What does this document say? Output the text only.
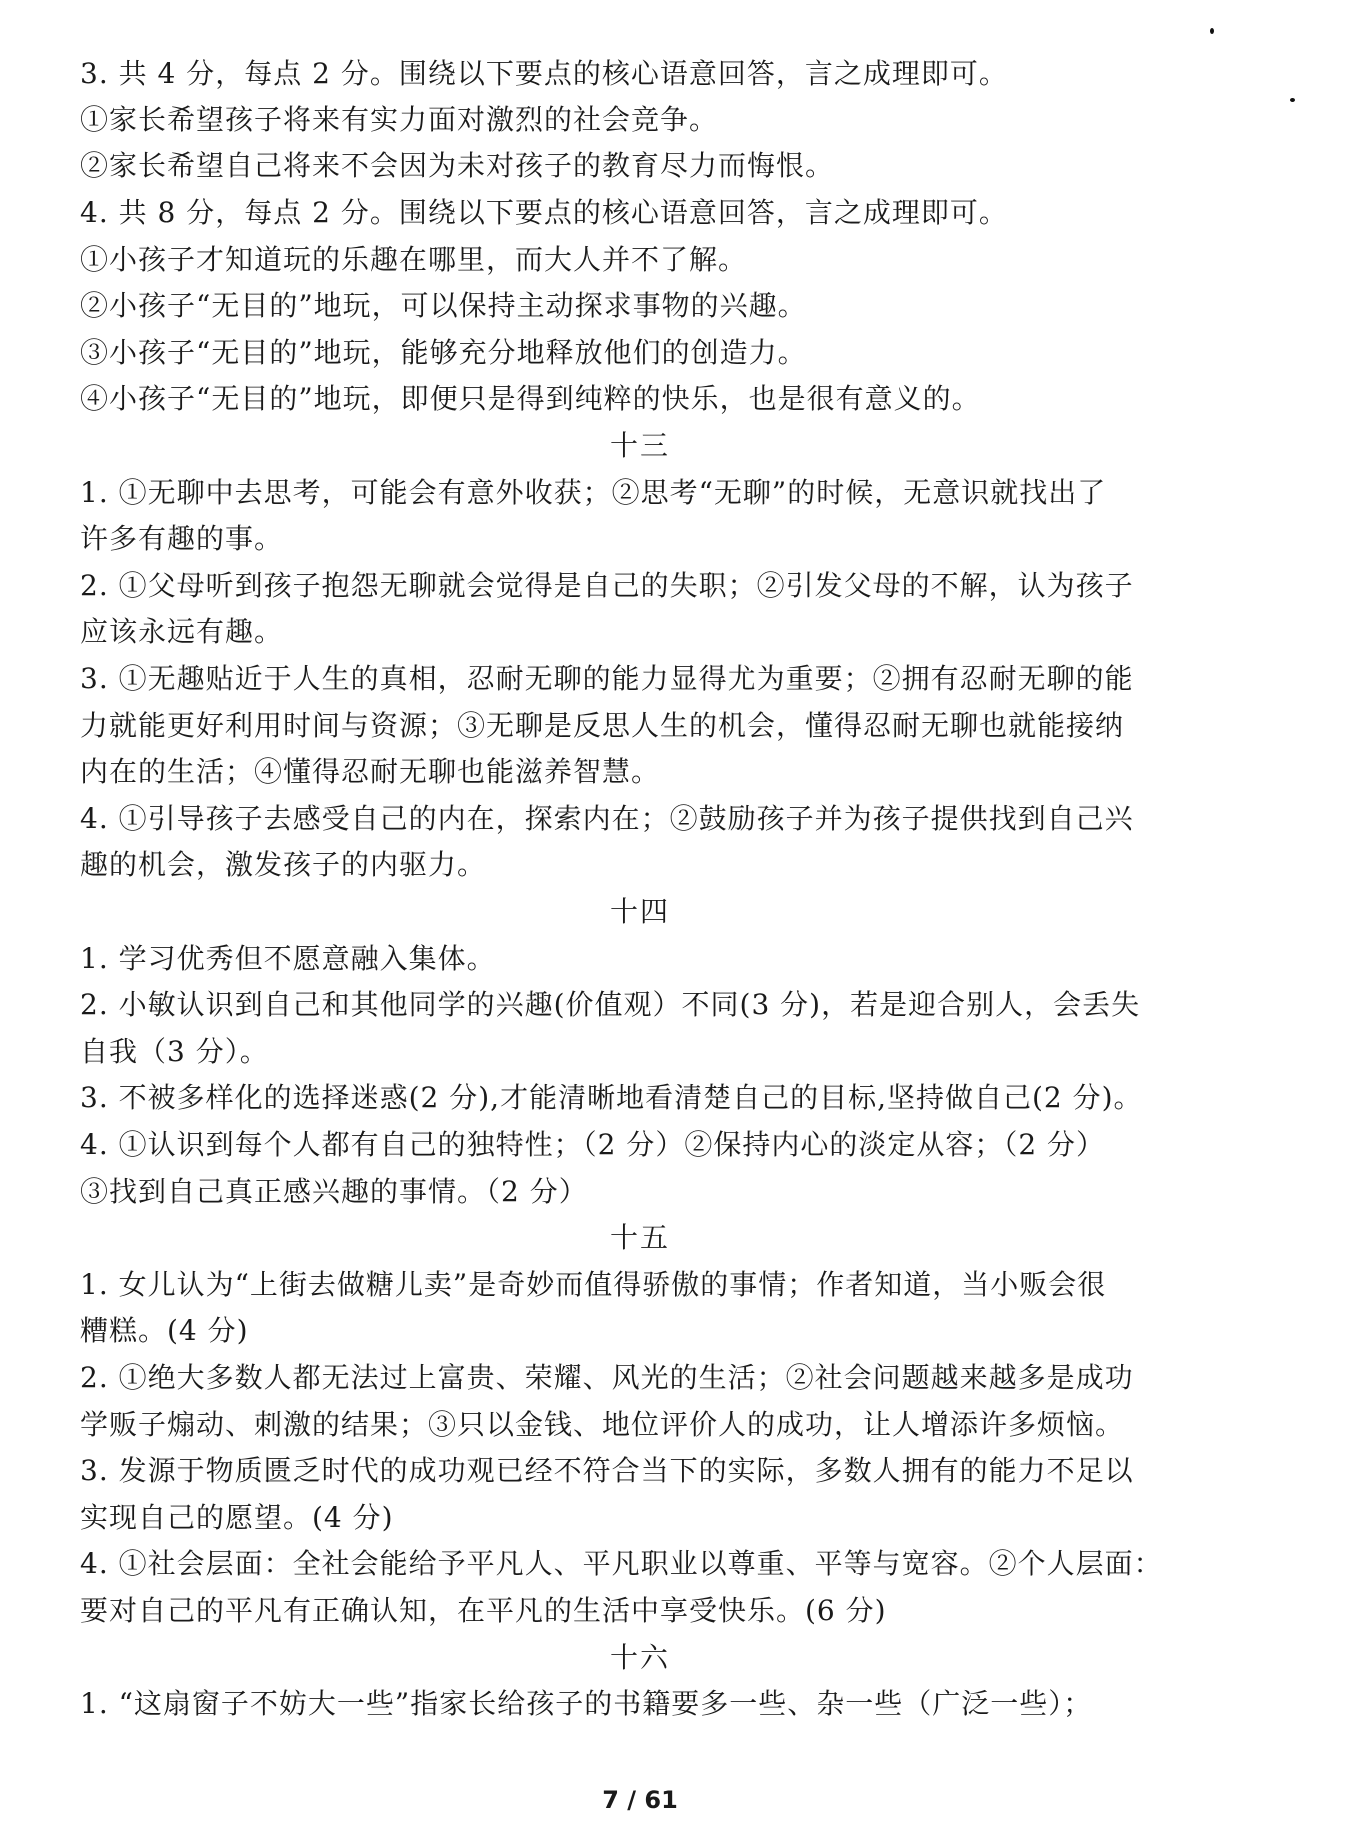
3. 共 4 分，每点 2 分。围绕以下要点的核心语意回答，言之成理即可。
①家长希望孩子将来有实力面对激烈的社会竞争。
②家长希望自己将来不会因为未对孩子的教育尽力而悔恨。
4. 共 8 分，每点 2 分。围绕以下要点的核心语意回答，言之成理即可。
①小孩子才知道玩的乐趣在哪里，而大人并不了解。
②小孩子“无目的”地玩，可以保持主动探求事物的兴趣。
③小孩子“无目的”地玩，能够充分地释放他们的创造力。
④小孩子“无目的”地玩，即便只是得到纯粹的快乐，也是很有意义的。
十三
1. ①无聊中去思考，可能会有意外收获；②思考“无聊”的时候，无意识就找出了
许多有趣的事。
2. ①父母听到孩子抱怨无聊就会觉得是自己的失职；②引发父母的不解，认为孩子
应该永远有趣。
3. ①无趣贴近于人生的真相，忍耐无聊的能力显得尤为重要；②拥有忍耐无聊的能
力就能更好利用时间与资源；③无聊是反思人生的机会，懂得忍耐无聊也就能接纳
内在的生活；④懂得忍耐无聊也能滋养智慧。
4. ①引导孩子去感受自己的内在，探索内在；②鼓励孩子并为孩子提供找到自己兴
趣的机会，激发孩子的内驱力。
十四
1. 学习优秀但不愿意融入集体。
2. 小敏认识到自己和其他同学的兴趣(价值观）不同(3 分)，若是迎合别人，会丢失
自我（3 分）。
3. 不被多样化的选择迷惑(2 分),才能清晰地看清楚自己的目标,坚持做自己(2 分)。
4. ①认识到每个人都有自己的独特性；（2 分）②保持内心的淡定从容；（2 分）
③找到自己真正感兴趣的事情。（2 分）
十五
1. 女儿认为“上街去做糖儿卖”是奇妙而值得骄傲的事情；作者知道，当小贩会很
糟糕。(4 分)
2. ①绝大多数人都无法过上富贵、荣耀、风光的生活；②社会问题越来越多是成功
学贩子煽动、刺激的结果；③只以金钱、地位评价人的成功，让人增添许多烦恼。
3. 发源于物质匮乏时代的成功观已经不符合当下的实际，多数人拥有的能力不足以
实现自己的愿望。(4 分)
4. ①社会层面：全社会能给予平凡人、平凡职业以尊重、平等与宽容。②个人层面：
要对自己的平凡有正确认知，在平凡的生活中享受快乐。(6 分)
十六
1. “这扇窗子不妨大一些”指家长给孩子的书籍要多一些、杂一些（广泛一些）；
7 / 61
